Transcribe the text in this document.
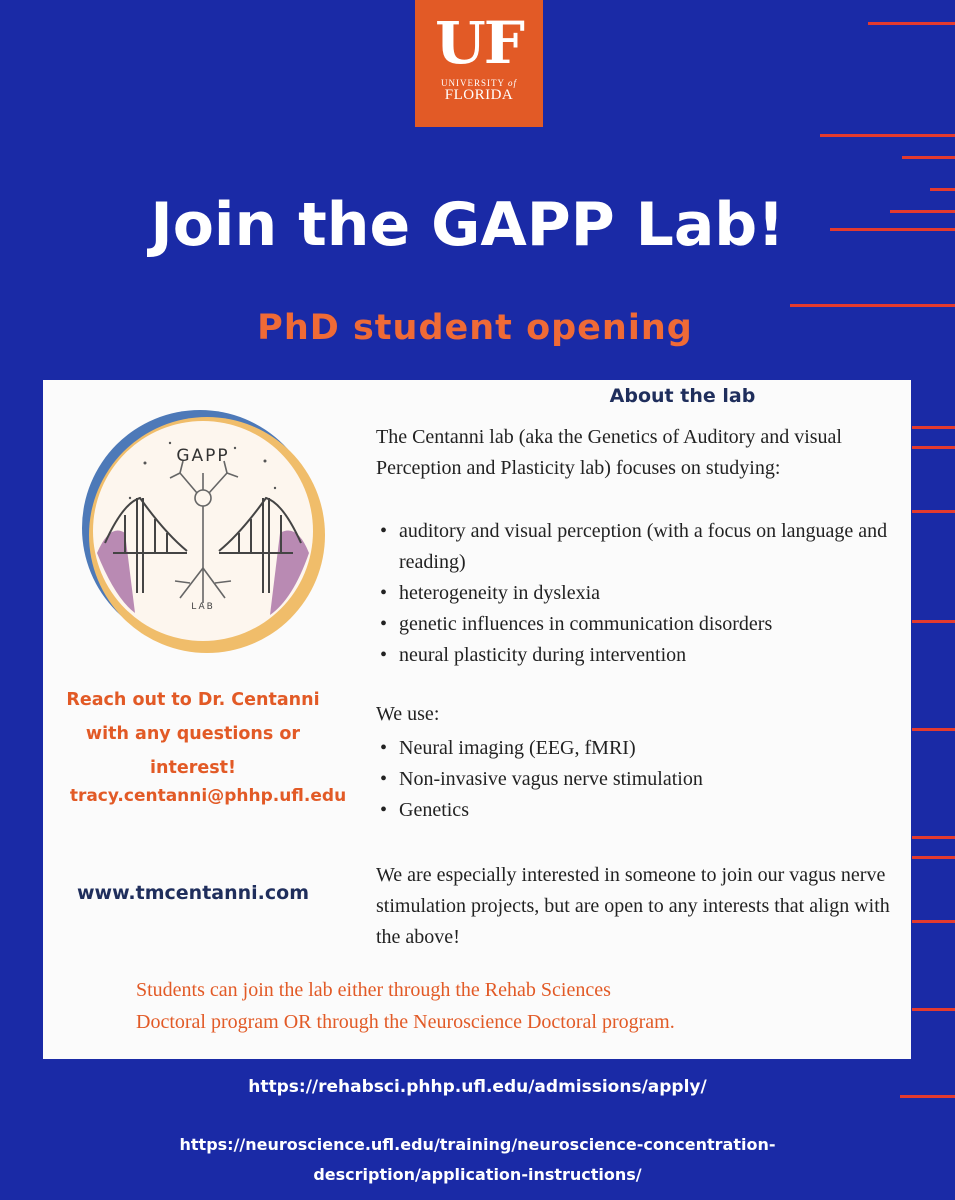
UF
UNIVERSITY of
FLORIDA
Join the GAPP Lab!
PhD student opening
GAPP
LAB
About the lab
The Centanni lab (aka the Genetics of Auditory and visual Perception and Plasticity lab) focuses on studying:
• auditory and visual perception (with a focus on language and reading)
• heterogeneity in dyslexia
• genetic influences in communication disorders
• neural plasticity during intervention
We use:
• Neural imaging (EEG, fMRI)
• Non-invasive vagus nerve stimulation
• Genetics
We are especially interested in someone to join our vagus nerve stimulation projects, but are open to any interests that align with the above!
Reach out to Dr. Centanni
with any questions or
interest!
tracy.centanni@phhp.ufl.edu
www.tmcentanni.com
Students can join the lab either through the Rehab Sciences
Doctoral program OR through the Neuroscience Doctoral program.
https://rehabsci.phhp.ufl.edu/admissions/apply/
https://neuroscience.ufl.edu/training/neuroscience-concentration-
description/application-instructions/
